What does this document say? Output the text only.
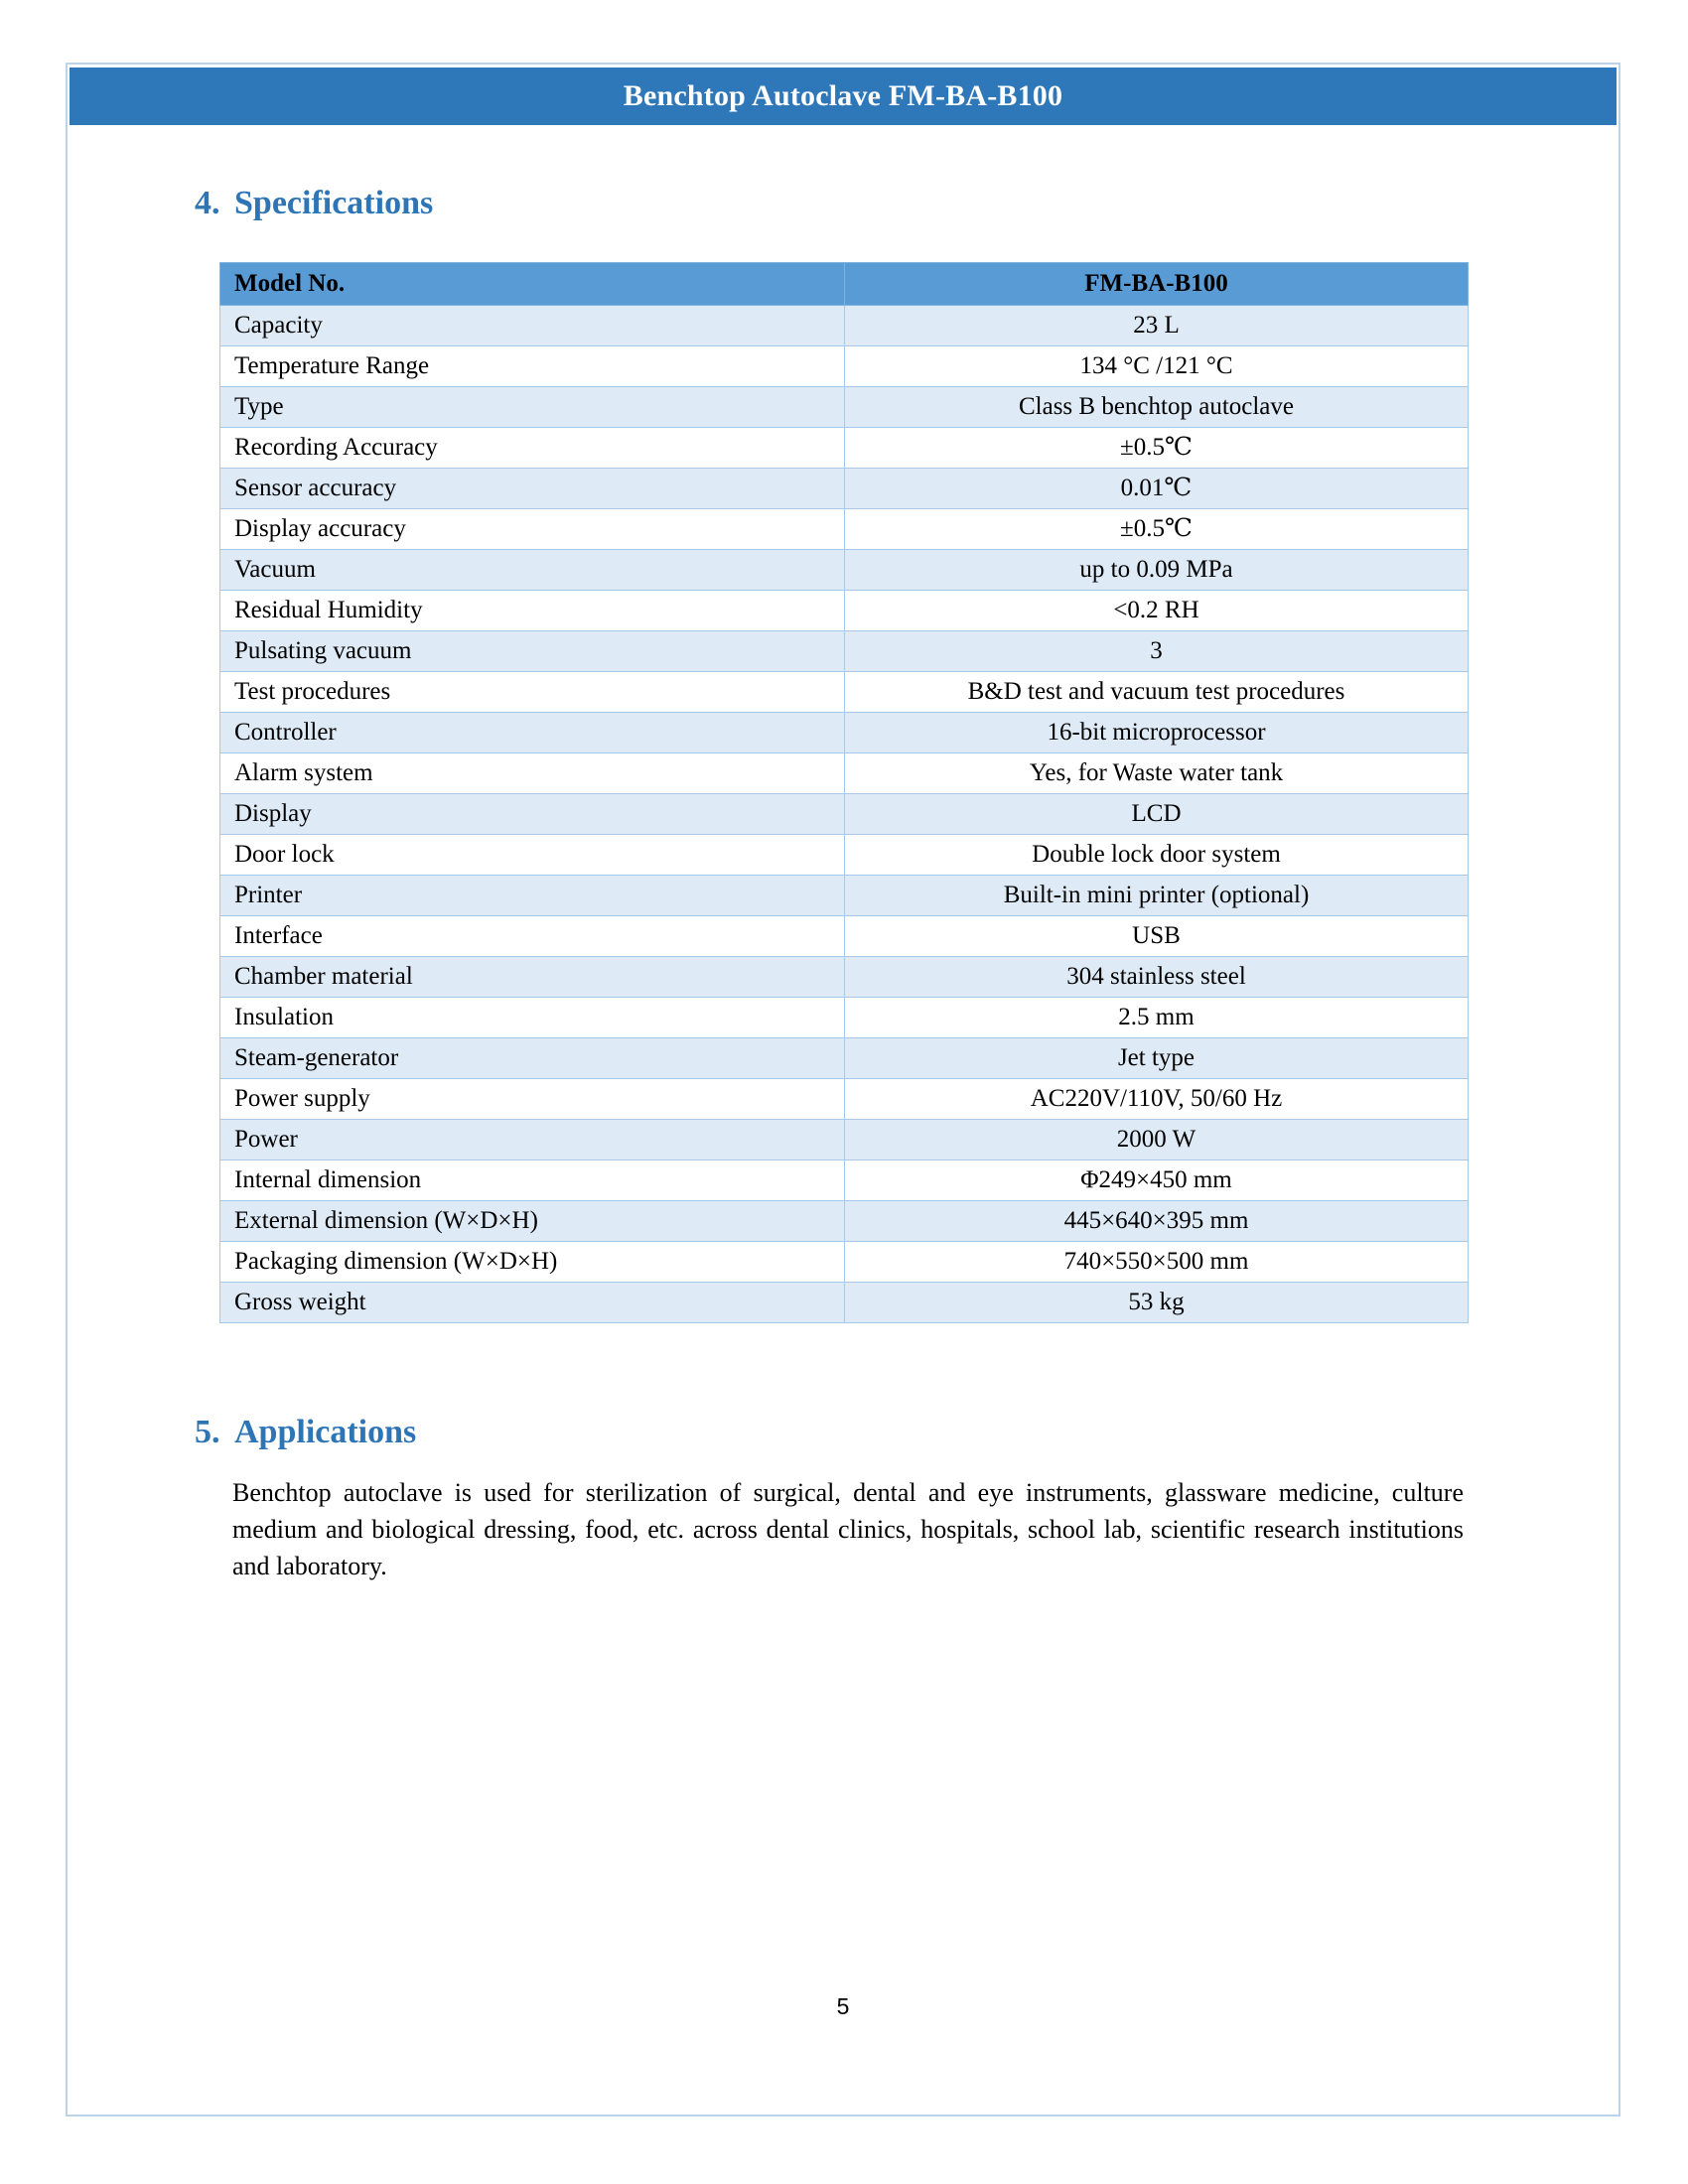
Benchtop Autoclave FM-BA-B100
4. Specifications
Model No.	FM-BA-B100
Capacity	23 L
Temperature Range	134 °C /121 °C
Type	Class B benchtop autoclave
Recording Accuracy	±0.5℃
Sensor accuracy	0.01℃
Display accuracy	±0.5℃
Vacuum	up to 0.09 MPa
Residual Humidity	<0.2 RH
Pulsating vacuum	3
Test procedures	B&D test and vacuum test procedures
Controller	16-bit microprocessor
Alarm system	Yes, for Waste water tank
Display	LCD
Door lock	Double lock door system
Printer	Built-in mini printer (optional)
Interface	USB
Chamber material	304 stainless steel
Insulation	2.5 mm
Steam-generator	Jet type
Power supply	AC220V/110V, 50/60 Hz
Power	2000 W
Internal dimension	Φ249×450 mm
External dimension (W×D×H)	445×640×395 mm
Packaging dimension (W×D×H)	740×550×500 mm
Gross weight	53 kg
5. Applications
Benchtop autoclave is used for sterilization of surgical, dental and eye instruments, glassware medicine, culture medium and biological dressing, food, etc. across dental clinics, hospitals, school lab, scientific research institutions and laboratory.
5
